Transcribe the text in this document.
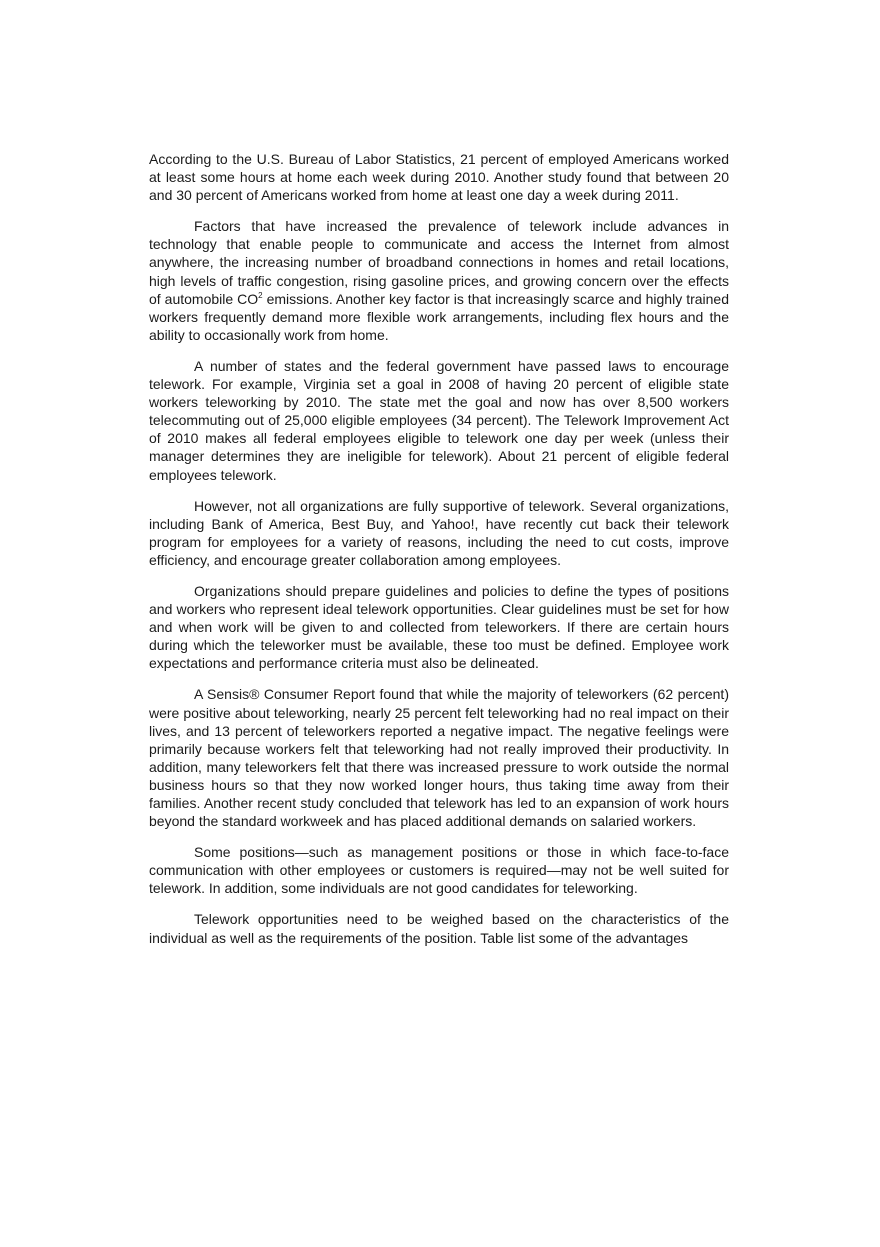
According to the U.S. Bureau of Labor Statistics, 21 percent of employed Americans worked at least some hours at home each week during 2010. Another study found that between 20 and 30 percent of Americans worked from home at least one day a week during 2011.

Factors that have increased the prevalence of telework include advances in technology that enable people to communicate and access the Internet from almost anywhere, the increasing number of broadband connections in homes and retail locations, high levels of traffic congestion, rising gasoline prices, and growing concern over the effects of automobile $CO^2$ emissions. Another key factor is that increasingly scarce and highly trained workers frequently demand more flexible work arrangements, including flex hours and the ability to occasionally work from home.

A number of states and the federal government have passed laws to encourage telework. For example, Virginia set a goal in 2008 of having 20 percent of eligible state workers teleworking by 2010. The state met the goal and now has over 8,500 workers telecommuting out of 25,000 eligible employees (34 percent). The Telework Improvement Act of 2010 makes all federal employees eligible to telework one day per week (unless their manager determines they are ineligible for telework). About 21 percent of eligible federal employees telework.

However, not all organizations are fully supportive of telework. Several organizations, including Bank of America, Best Buy, and Yahoo!, have recently cut back their telework program for employees for a variety of reasons, including the need to cut costs, improve efficiency, and encourage greater collaboration among employees.

Organizations should prepare guidelines and policies to define the types of positions and workers who represent ideal telework opportunities. Clear guidelines must be set for how and when work will be given to and collected from teleworkers. If there are certain hours during which the teleworker must be available, these too must be defined. Employee work expectations and performance criteria must also be delineated.

A Sensis® Consumer Report found that while the majority of teleworkers (62 percent) were positive about teleworking, nearly 25 percent felt teleworking had no real impact on their lives, and 13 percent of teleworkers reported a negative impact. The negative feelings were primarily because workers felt that teleworking had not really improved their productivity. In addition, many teleworkers felt that there was increased pressure to work outside the normal business hours so that they now worked longer hours, thus taking time away from their families. Another recent study concluded that telework has led to an expansion of work hours beyond the standard workweek and has placed additional demands on salaried workers.

Some positions—such as management positions or those in which face-to-face communication with other employees or customers is required—may not be well suited for telework. In addition, some individuals are not good candidates for teleworking.

Telework opportunities need to be weighed based on the characteristics of the individual as well as the requirements of the position. Table list some of the advantages
